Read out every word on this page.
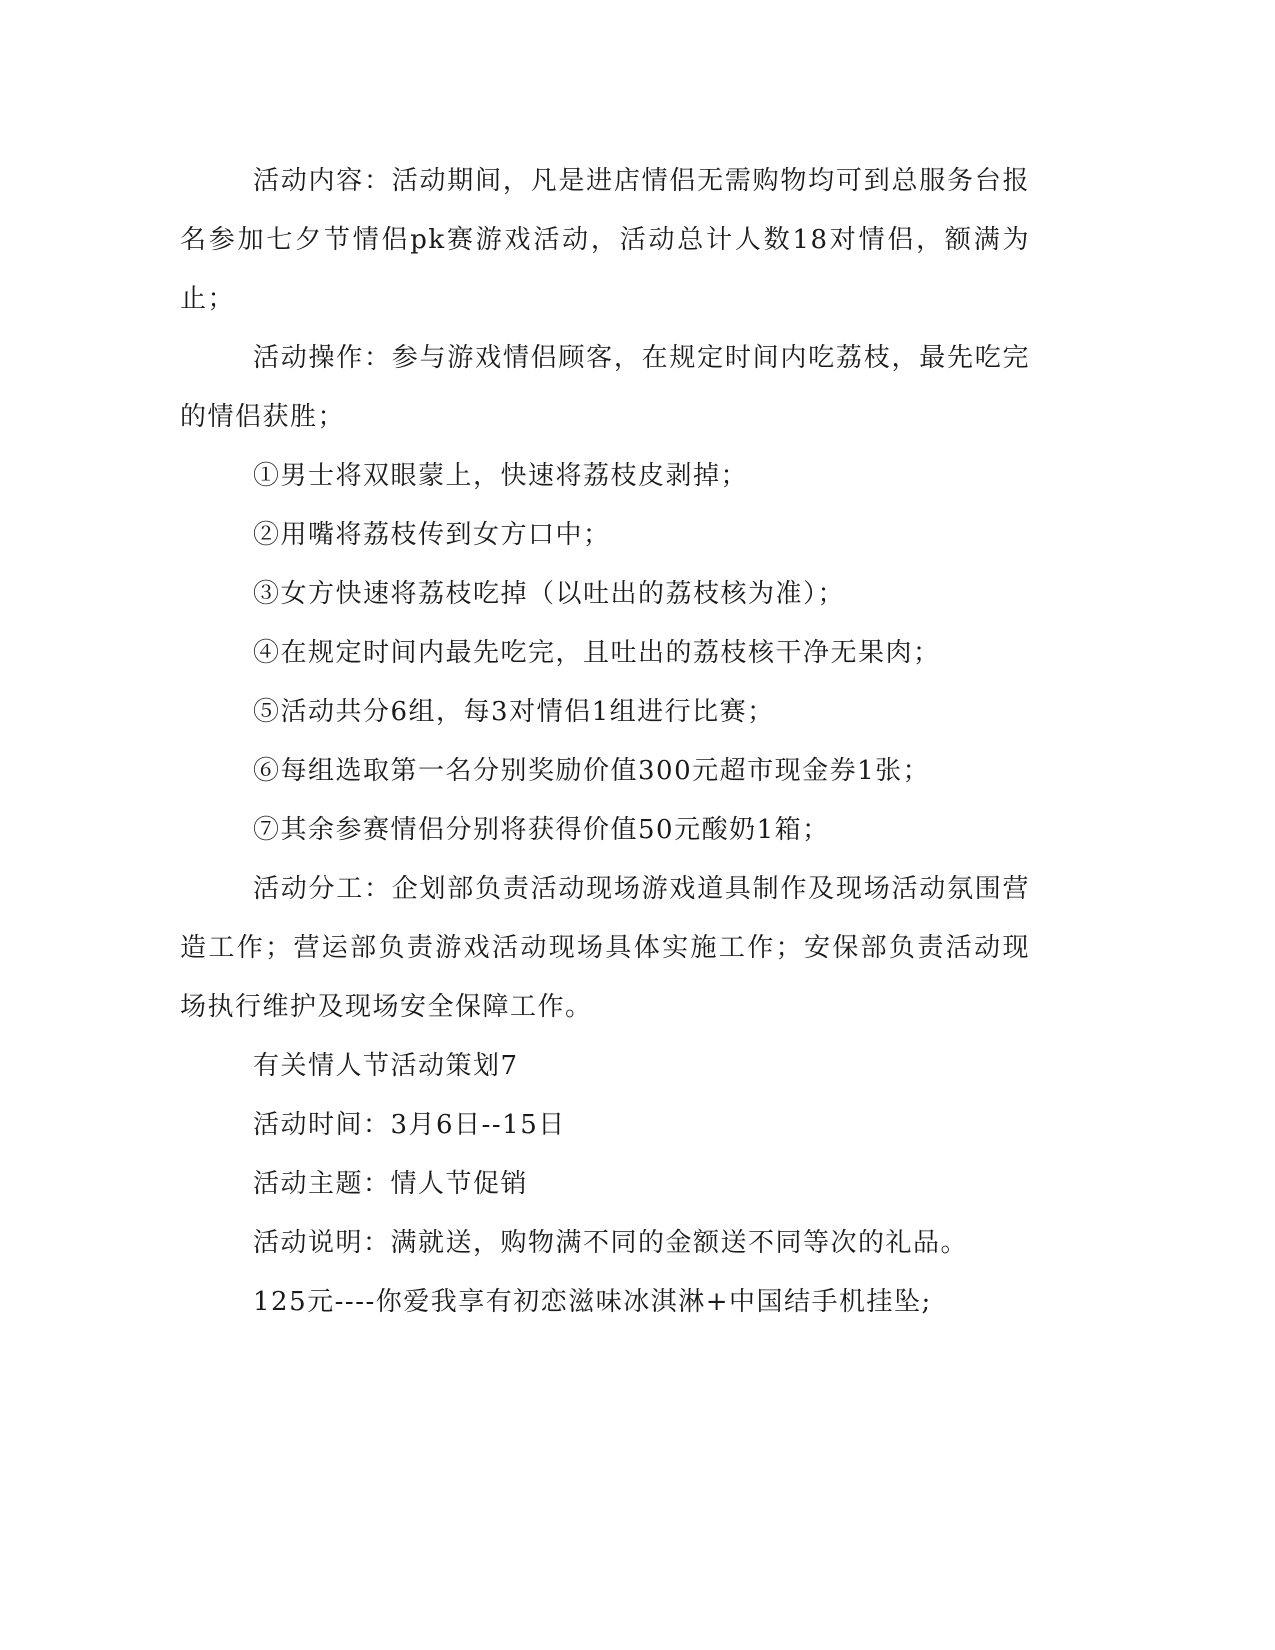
活动内容：活动期间，凡是进店情侣无需购物均可到总服务台报名参加七夕节情侣pk赛游戏活动，活动总计人数18对情侣，额满为止；

活动操作：参与游戏情侣顾客，在规定时间内吃荔枝，最先吃完的情侣获胜；

①男士将双眼蒙上，快速将荔枝皮剥掉；

②用嘴将荔枝传到女方口中；

③女方快速将荔枝吃掉（以吐出的荔枝核为准）；

④在规定时间内最先吃完，且吐出的荔枝核干净无果肉；

⑤活动共分6组，每3对情侣1组进行比赛；

⑥每组选取第一名分别奖励价值300元超市现金券1张；

⑦其余参赛情侣分别将获得价值50元酸奶1箱；

活动分工：企划部负责活动现场游戏道具制作及现场活动氛围营造工作；营运部负责游戏活动现场具体实施工作；安保部负责活动现场执行维护及现场安全保障工作。

有关情人节活动策划7

活动时间：3月6日--15日

活动主题：情人节促销

活动说明：满就送，购物满不同的金额送不同等次的礼品。

125元----你爱我享有初恋滋味冰淇淋+中国结手机挂坠;
